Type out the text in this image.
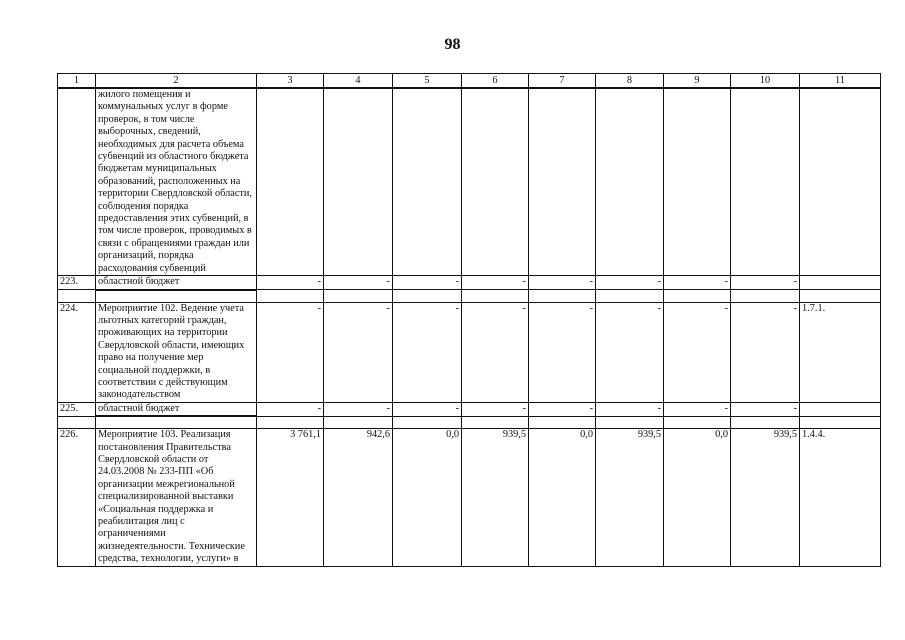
98
1	2	3	4	5	6	7	8	9	10	11
	жилого помещения и коммунальных услуг в форме проверок, в том числе выборочных, сведений, необходимых для расчета объема субвенций из областного бюджета бюджетам муниципальных образований, расположенных на территории Свердловской области, соблюдения порядка предоставления этих субвенций, в том числе проверок, проводимых в связи с обращениями граждан или организаций, порядка расходования субвенций									
223.	областной бюджет	-	-	-	-	-	-	-	-	

224.	Мероприятие 102. Ведение учета льготных категорий граждан, проживающих на территории Свердловской области, имеющих право на получение мер социальной поддержки, в соответствии с действующим законодательством	-	-	-	-	-	-	-	-	1.7.1.
225.	областной бюджет	-	-	-	-	-	-	-	-	

226.	Мероприятие 103. Реализация постановления Правительства Свердловской области от 24.03.2008 № 233-ПП «Об организации межрегиональной специализированной выставки «Социальная поддержка и реабилитация лиц с ограничениями жизнедеятельности. Технические средства, технологии, услуги» в	3 761,1	942,6	0,0	939,5	0,0	939,5	0,0	939,5	1.4.4.
